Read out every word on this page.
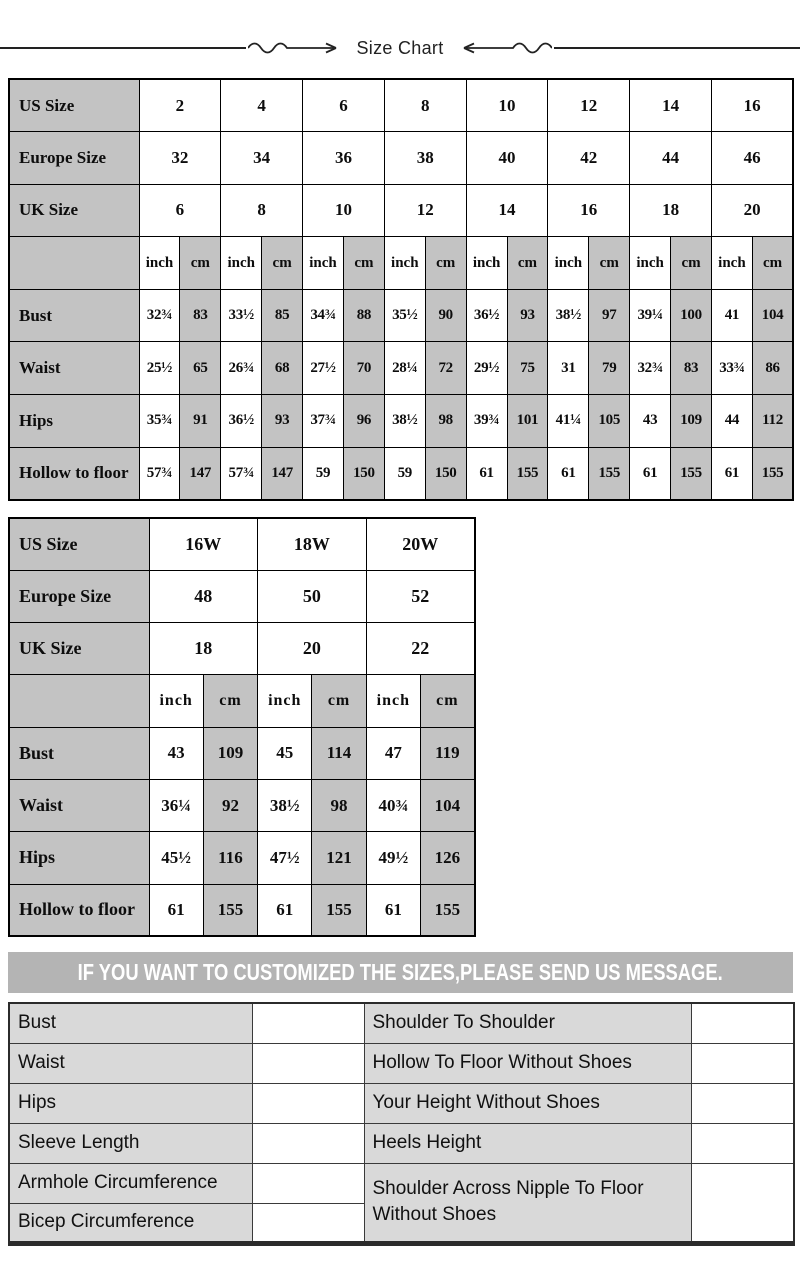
Size Chart
US Size	2		4		6		8		10		12		14		16	
Europe Size	32		34		36		38		40		42		44		46	
UK Size	6		8		10		12		14		16		18		20	
	inch	cm	inch	cm	inch	cm	inch	cm	inch	cm	inch	cm	inch	cm	inch	cm
Bust	32¾	83	33½	85	34¾	88	35½	90	36½	93	38½	97	39¼	100	41	104
Waist	25½	65	26¾	68	27½	70	28¼	72	29½	75	31	79	32¾	83	33¾	86
Hips	35¾	91	36½	93	37¾	96	38½	98	39¾	101	41¼	105	43	109	44	112
Hollow to floor	57¾	147	57¾	147	59	150	59	150	61	155	61	155	61	155	61	155
US Size	16W		18W		20W	
Europe Size	48		50		52	
UK Size	18		20		22	
	inch	cm	inch	cm	inch	cm
Bust	43	109	45	114	47	119
Waist	36¼	92	38½	98	40¾	104
Hips	45½	116	47½	121	49½	126
Hollow to floor	61	155	61	155	61	155
IF YOU WANT TO CUSTOMIZED THE SIZES,PLEASE SEND US MESSAGE.
Bust		Shoulder To Shoulder	
Waist		Hollow To Floor Without Shoes	
Hips		Your Height Without Shoes	
Sleeve Length		Heels Height	
Armhole Circumference		Shoulder Across Nipple To Floor Without Shoes	
Bicep Circumference			
